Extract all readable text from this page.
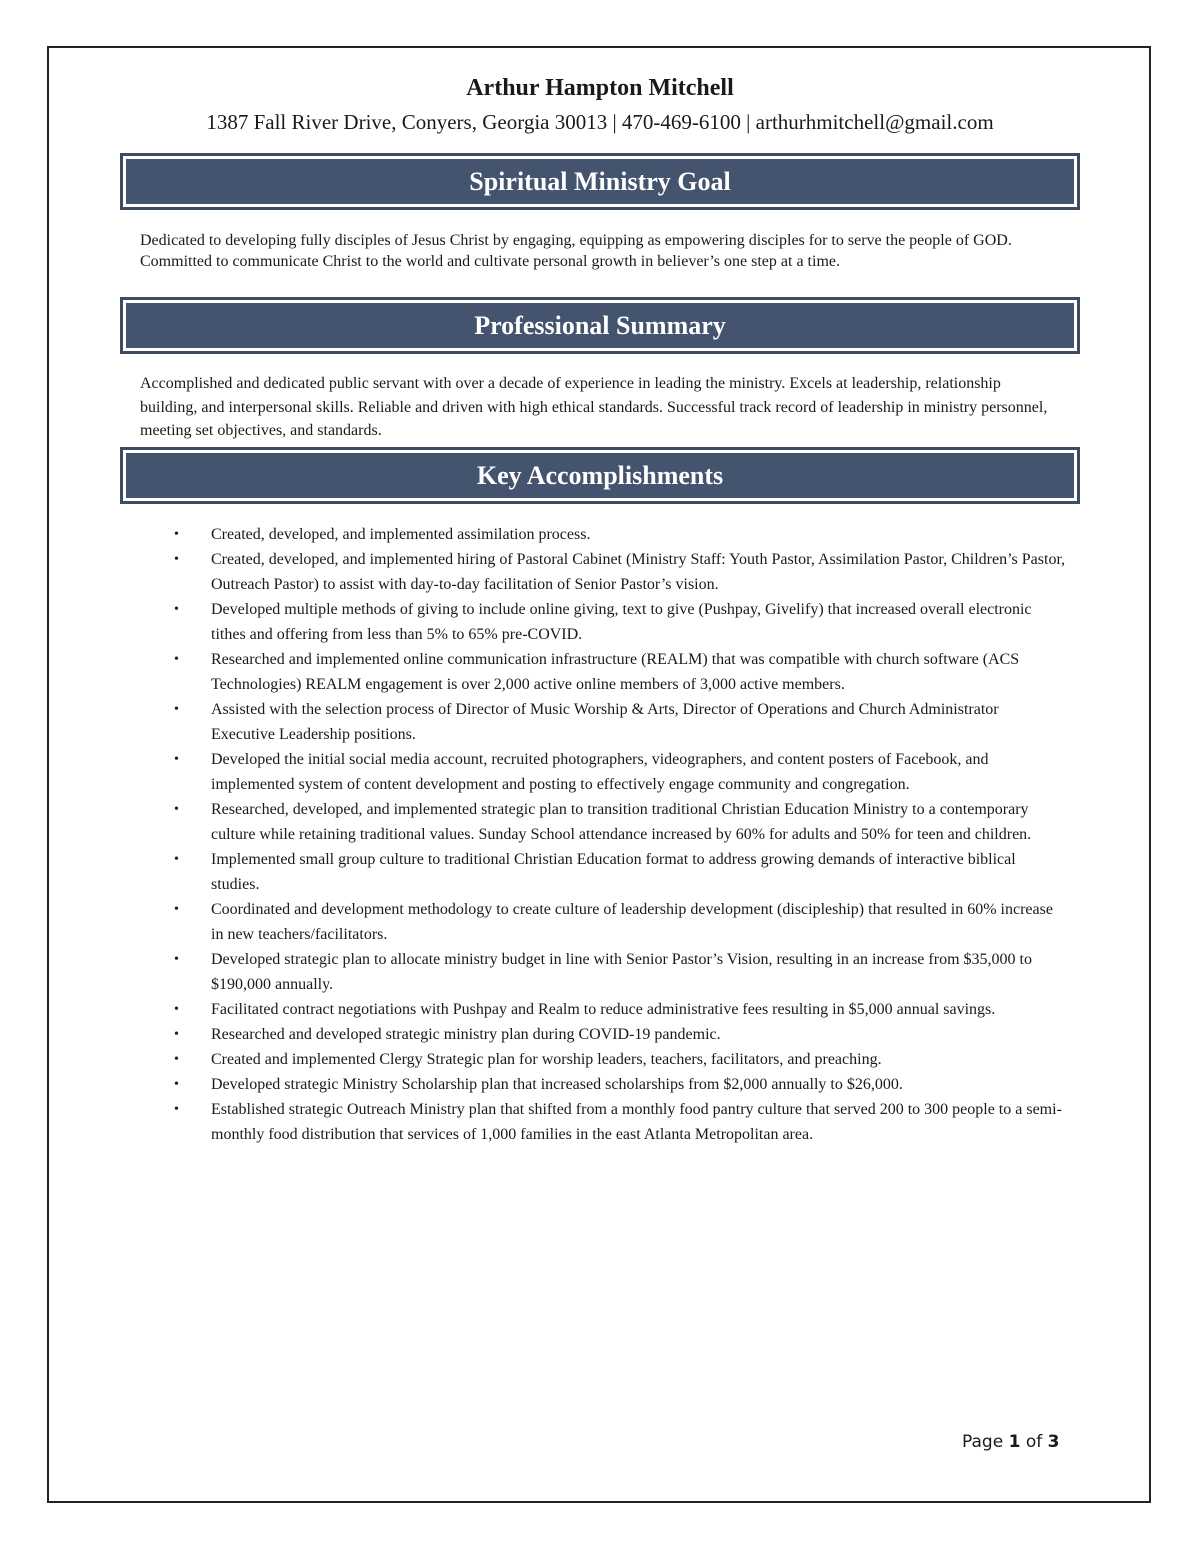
Arthur Hampton Mitchell

1387 Fall River Drive, Conyers, Georgia 30013 | 470-469-6100 | arthurhmitchell@gmail.com

Spiritual Ministry Goal

Dedicated to developing fully disciples of Jesus Christ by engaging, equipping as empowering disciples for to serve the people of GOD. Committed to communicate Christ to the world and cultivate personal growth in believer’s one step at a time.

Professional Summary

Accomplished and dedicated public servant with over a decade of experience in leading the ministry. Excels at leadership, relationship building, and interpersonal skills. Reliable and driven with high ethical standards. Successful track record of leadership in ministry personnel, meeting set objectives, and standards.

Key Accomplishments
• Created, developed, and implemented assimilation process.
• Created, developed, and implemented hiring of Pastoral Cabinet (Ministry Staff: Youth Pastor, Assimilation Pastor, Children’s Pastor, Outreach Pastor) to assist with day-to-day facilitation of Senior Pastor’s vision.
• Developed multiple methods of giving to include online giving, text to give (Pushpay, Givelify) that increased overall electronic tithes and offering from less than 5% to 65% pre-COVID.
• Researched and implemented online communication infrastructure (REALM) that was compatible with church software (ACS Technologies) REALM engagement is over 2,000 active online members of 3,000 active members.
• Assisted with the selection process of Director of Music Worship & Arts, Director of Operations and Church Administrator Executive Leadership positions.
• Developed the initial social media account, recruited photographers, videographers, and content posters of Facebook, and implemented system of content development and posting to effectively engage community and congregation.
• Researched, developed, and implemented strategic plan to transition traditional Christian Education Ministry to a contemporary culture while retaining traditional values. Sunday School attendance increased by 60% for adults and 50% for teen and children.
• Implemented small group culture to traditional Christian Education format to address growing demands of interactive biblical studies.
• Coordinated and development methodology to create culture of leadership development (discipleship) that resulted in 60% increase in new teachers/facilitators.
• Developed strategic plan to allocate ministry budget in line with Senior Pastor’s Vision, resulting in an increase from $35,000 to $190,000 annually.
• Facilitated contract negotiations with Pushpay and Realm to reduce administrative fees resulting in $5,000 annual savings.
• Researched and developed strategic ministry plan during COVID-19 pandemic.
• Created and implemented Clergy Strategic plan for worship leaders, teachers, facilitators, and preaching.
• Developed strategic Ministry Scholarship plan that increased scholarships from $2,000 annually to $26,000.
• Established strategic Outreach Ministry plan that shifted from a monthly food pantry culture that served 200 to 300 people to a semi- monthly food distribution that services of 1,000 families in the east Atlanta Metropolitan area.
Page 1 of 3
